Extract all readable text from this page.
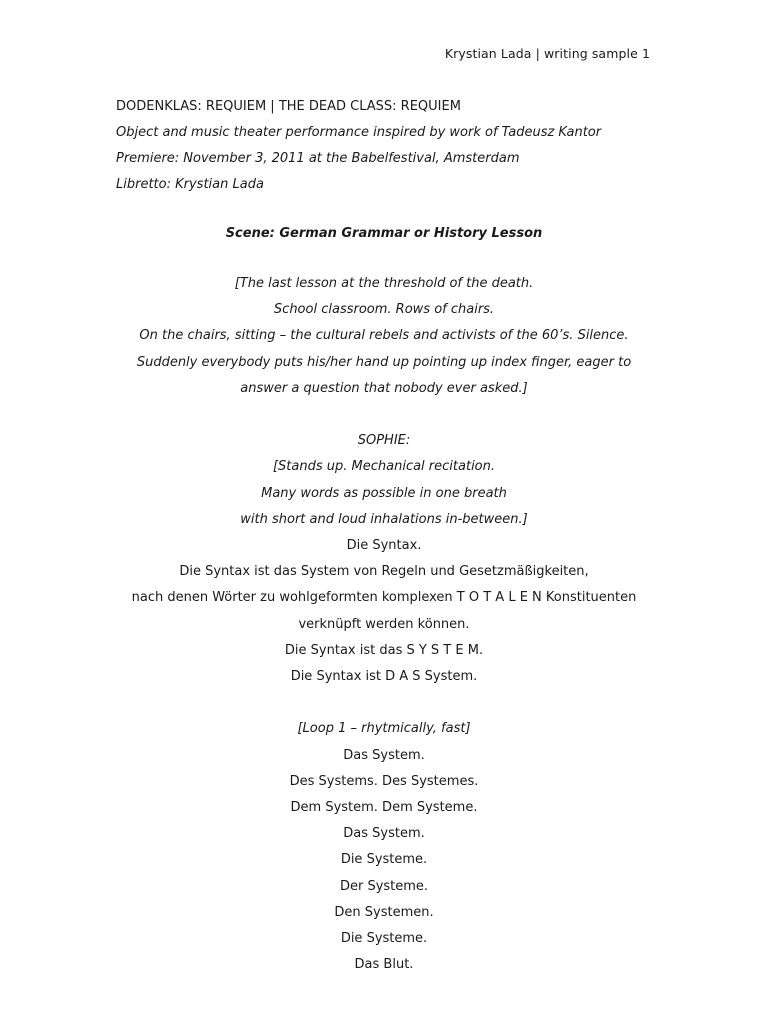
Krystian Lada | writing sample 1
DODENKLAS: REQUIEM | THE DEAD CLASS: REQUIEM
Object and music theater performance inspired by work of Tadeusz Kantor
Premiere: November 3, 2011 at the Babelfestival, Amsterdam
Libretto: Krystian Lada
Scene: German Grammar or History Lesson
[The last lesson at the threshold of the death.
School classroom. Rows of chairs.
On the chairs, sitting – the cultural rebels and activists of the 60’s. Silence.
Suddenly everybody puts his/her hand up pointing up index finger, eager to
answer a question that nobody ever asked.]
SOPHIE:
[Stands up. Mechanical recitation.
Many words as possible in one breath
with short and loud inhalations in-between.]
Die Syntax.
Die Syntax ist das System von Regeln und Gesetzmäßigkeiten,
nach denen Wörter zu wohlgeformten komplexen T O T A L E N Konstituenten
verknüpft werden können.
Die Syntax ist das S Y S T E M.
Die Syntax ist D A S System.
[Loop 1 – rhytmically, fast]
Das System.
Des Systems. Des Systemes.
Dem System. Dem Systeme.
Das System.
Die Systeme.
Der Systeme.
Den Systemen.
Die Systeme.
Das Blut.
